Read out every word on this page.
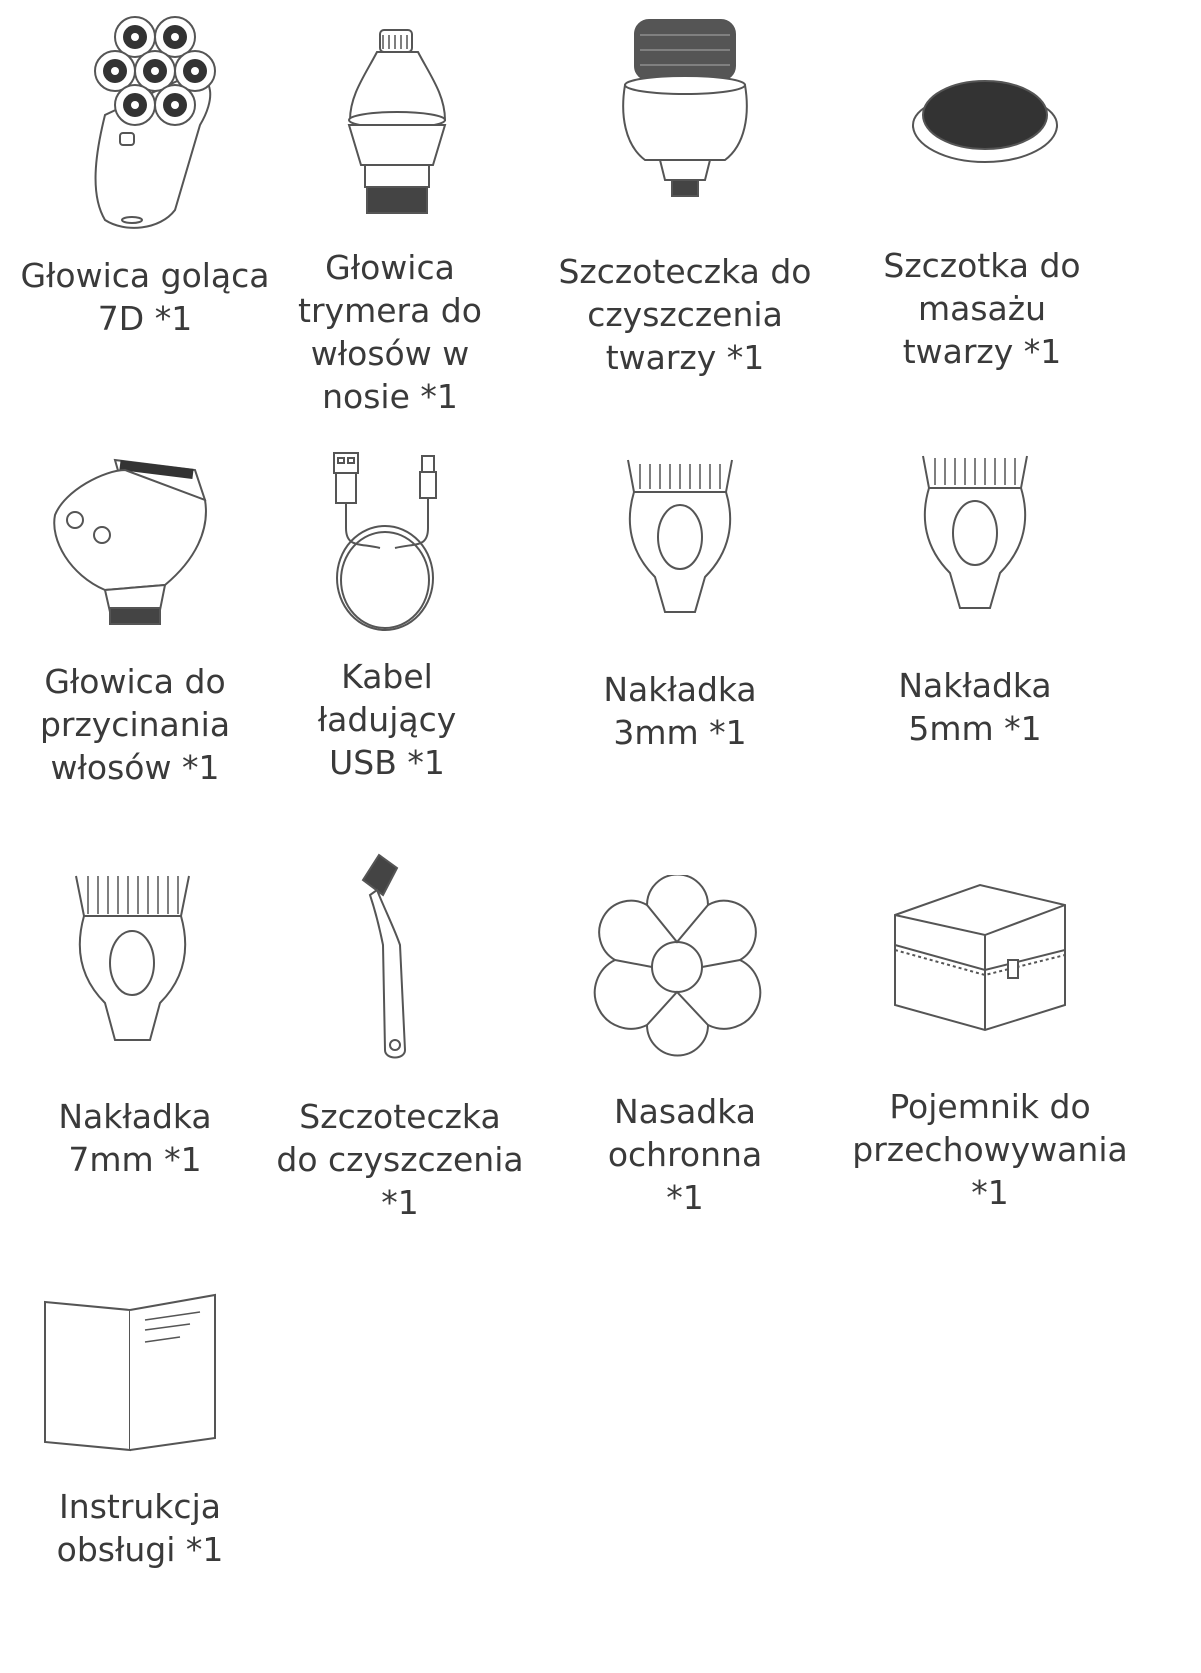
Głowica goląca
7D *1
Głowica
trymera do
włosów w
nosie *1
Szczoteczka do
czyszczenia
twarzy *1
Szczotka do
masażu
twarzy *1
Głowica do
przycinania
włosów *1
Kabel
ładujący
USB *1
Nakładka
3mm *1
Nakładka
5mm *1
Nakładka
7mm *1
Szczoteczka
do czyszczenia
*1
Nasadka
ochronna
*1
Pojemnik do
przechowywania
*1
Instrukcja
obsługi *1
